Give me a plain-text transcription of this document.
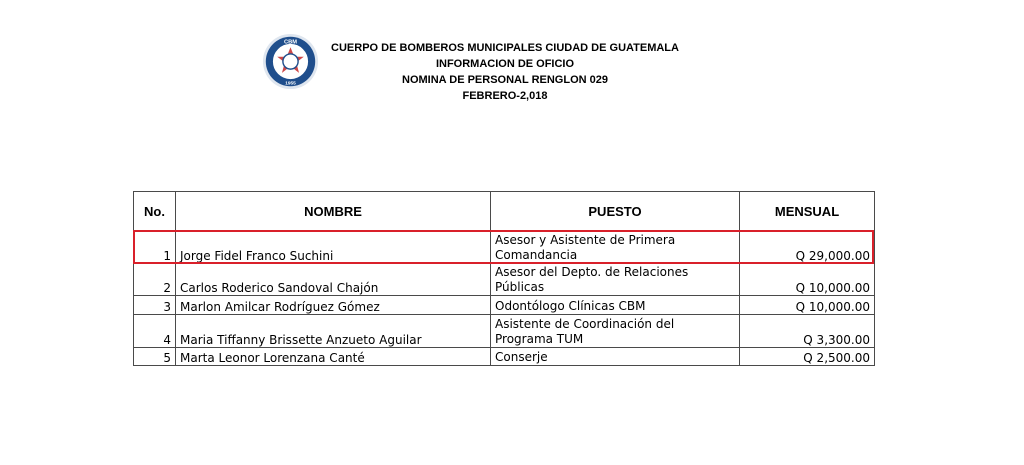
CBM
1955
CUERPO DE BOMBEROS MUNICIPALES CIUDAD DE GUATEMALA
INFORMACION DE OFICIO
NOMINA DE PERSONAL RENGLON 029
FEBRERO-2,018
No.	NOMBRE	PUESTO	MENSUAL
1	Jorge Fidel Franco Suchini	Asesor y Asistente de Primera Comandancia	Q 29,000.00
2	Carlos Roderico Sandoval Chajón	Asesor del Depto. de Relaciones Públicas	Q 10,000.00
3	Marlon Amilcar Rodríguez Gómez	Odontólogo Clínicas CBM	Q 10,000.00
4	Maria Tiffanny Brissette Anzueto Aguilar	Asistente de Coordinación del Programa TUM	Q 3,300.00
5	Marta Leonor Lorenzana Canté	Conserje	Q 2,500.00
